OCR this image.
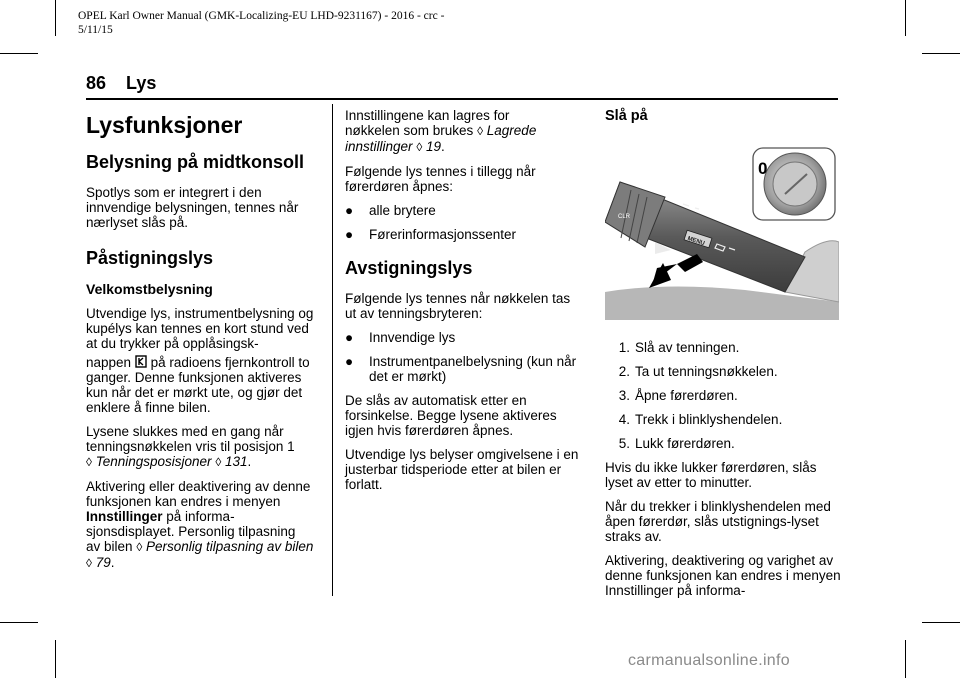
OPEL Karl Owner Manual (GMK-Localizing-EU LHD-9231167) - 2016 - crc -
5/11/15
86 Lys
Lysfunksjoner
Belysning på midtkonsoll

Spotlys som er integrert i den innvendige belysningen, tennes når nærlyset slås på.

Påstigningslys
Velkomstbelysning

Utvendige lys, instrumentbelysning og kupélys kan tennes en kort stund ved at du trykker på opplåsingsk-

nappen på radioens fjernkontroll to ganger. Denne funksjonen aktiveres kun når det er mørkt ute, og gjør det enklere å finne bilen.

Lysene slukkes med en gang når tenningsnøkkelen vris til posisjon 1
◊ Tenningsposisjoner ◊ 131.

Aktivering eller deaktivering av denne funksjonen kan endres i menyen Innstillinger på informa-sjonsdisplayet. Personlig tilpasning
av bilen ◊ Personlig tilpasning av bilen ◊ 79.

Innstillingene kan lagres for
nøkkelen som brukes ◊ Lagrede innstillinger ◊ 19.

Følgende lys tennes i tillegg når førerdøren åpnes:

●	alle brytere
●	Førerinformasjonssenter
Avstigningslys

Følgende lys tennes når nøkkelen tas ut av tenningsbryteren:

●	Innvendige lys
●	Instrumentpanelbelysning (kun når det er mørkt)

De slås av automatisk etter en forsinkelse. Begge lysene aktiveres igjen hvis førerdøren åpnes.

Utvendige lys belyser omgivelsene i en justerbar tidsperiode etter at bilen er forlatt.

Slå på
CLR
MENU
0
1. Slå av tenningen.
2. Ta ut tenningsnøkkelen.
3. Åpne førerdøren.
4. Trekk i blinklyshendelen.
5. Lukk førerdøren.

Hvis du ikke lukker førerdøren, slås lyset av etter to minutter.

Når du trekker i blinklyshendelen med åpen førerdør, slås utstignings-lyset straks av.

Aktivering, deaktivering og varighet av denne funksjonen kan endres i menyen Innstillinger på informa-

carmanualsonline.info
